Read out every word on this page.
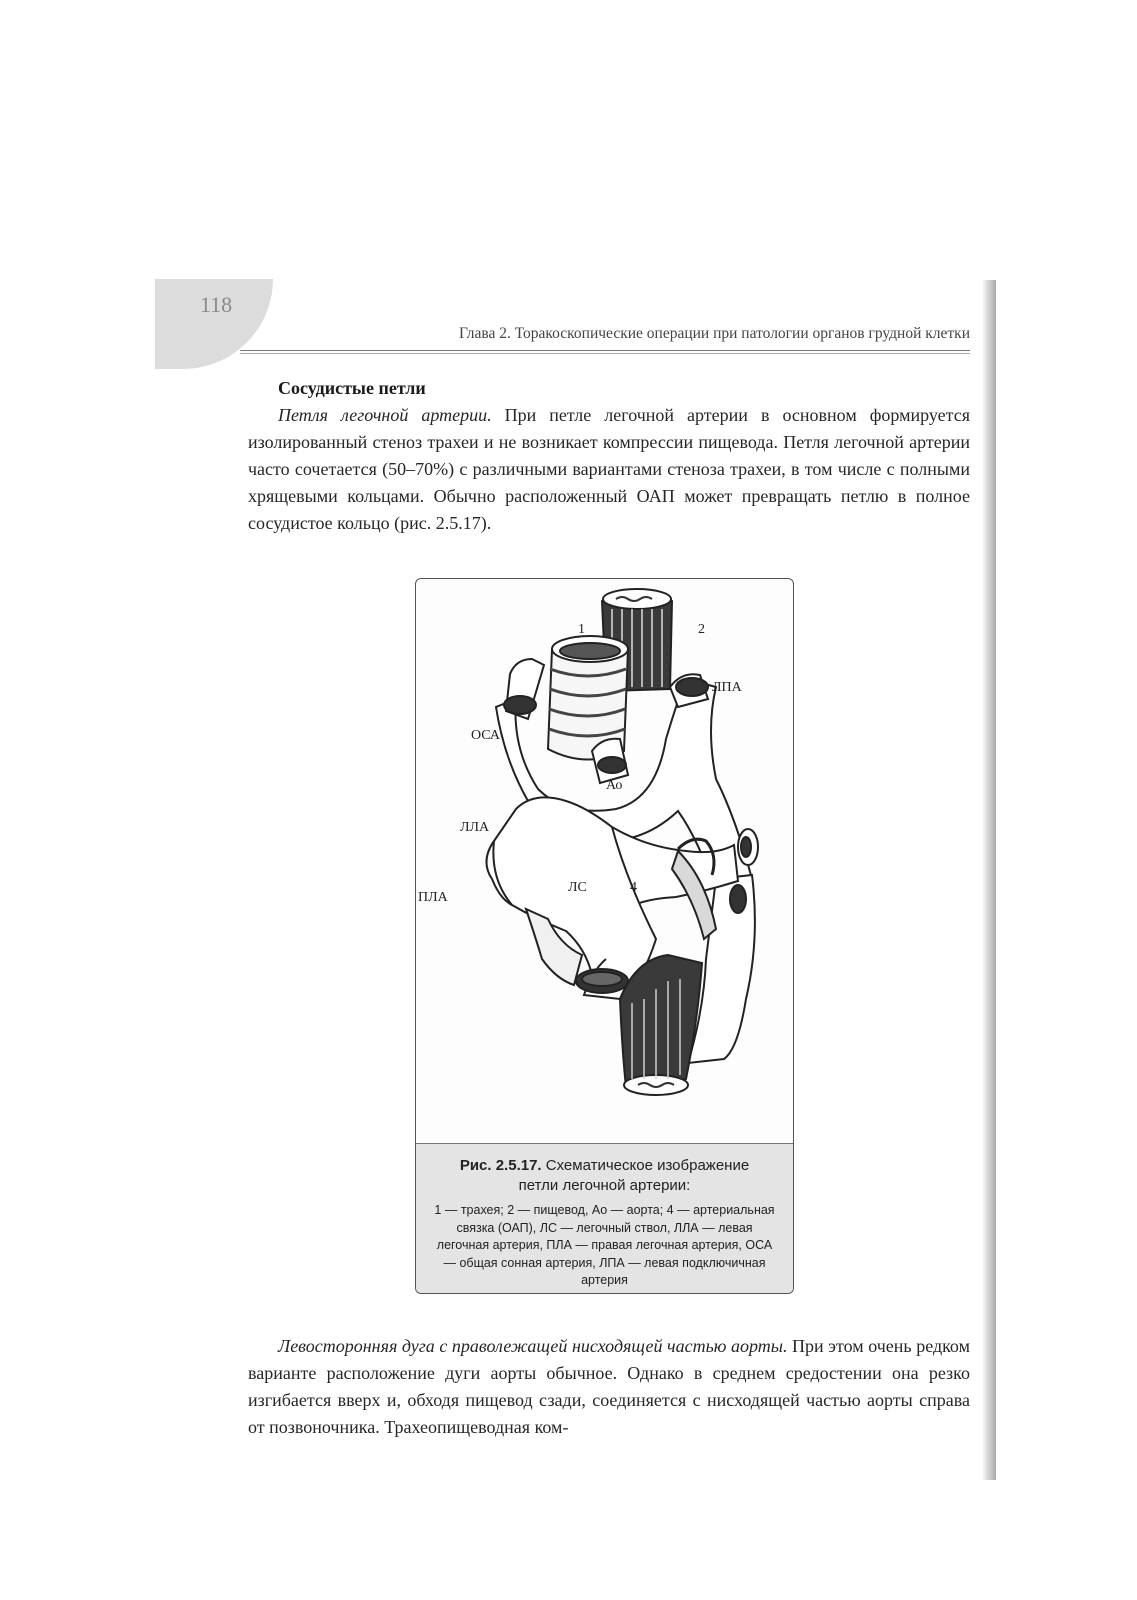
118
Глава 2. Торакоскопические операции при патологии органов грудной клетки
Сосудистые петли
Петля легочной артерии. При петле легочной артерии в основном формируется изолированный стеноз трахеи и не возникает компрессии пищевода. Петля легочной артерии часто сочетается (50–70%) с различными вариантами стеноза трахеи, в том числе с полными хрящевыми кольцами. Обычно расположенный ОАП может превращать петлю в полное сосудистое кольцо (рис. 2.5.17).
1	2
ЛПА
ОСА
Ао
ЛЛА
ЛС	4
ПЛА
Рис. 2.5.17. Схематическое изображение петли легочной артерии:
1 — трахея; 2 — пищевод, Ао — аорта; 4 — артериальная связка (ОАП), ЛС — легочный ствол, ЛЛА — левая легочная артерия, ПЛА — правая легочная артерия, ОСА — общая сонная артерия, ЛПА — левая подключичная артерия
Левосторонняя дуга с праволежащей нисходящей частью аорты. При этом очень редком варианте расположение дуги аорты обычное. Однако в среднем средостении она резко изгибается вверх и, обходя пищевод сзади, соединяется с нисходящей частью аорты справа от позвоночника. Трахеопищеводная ком-
